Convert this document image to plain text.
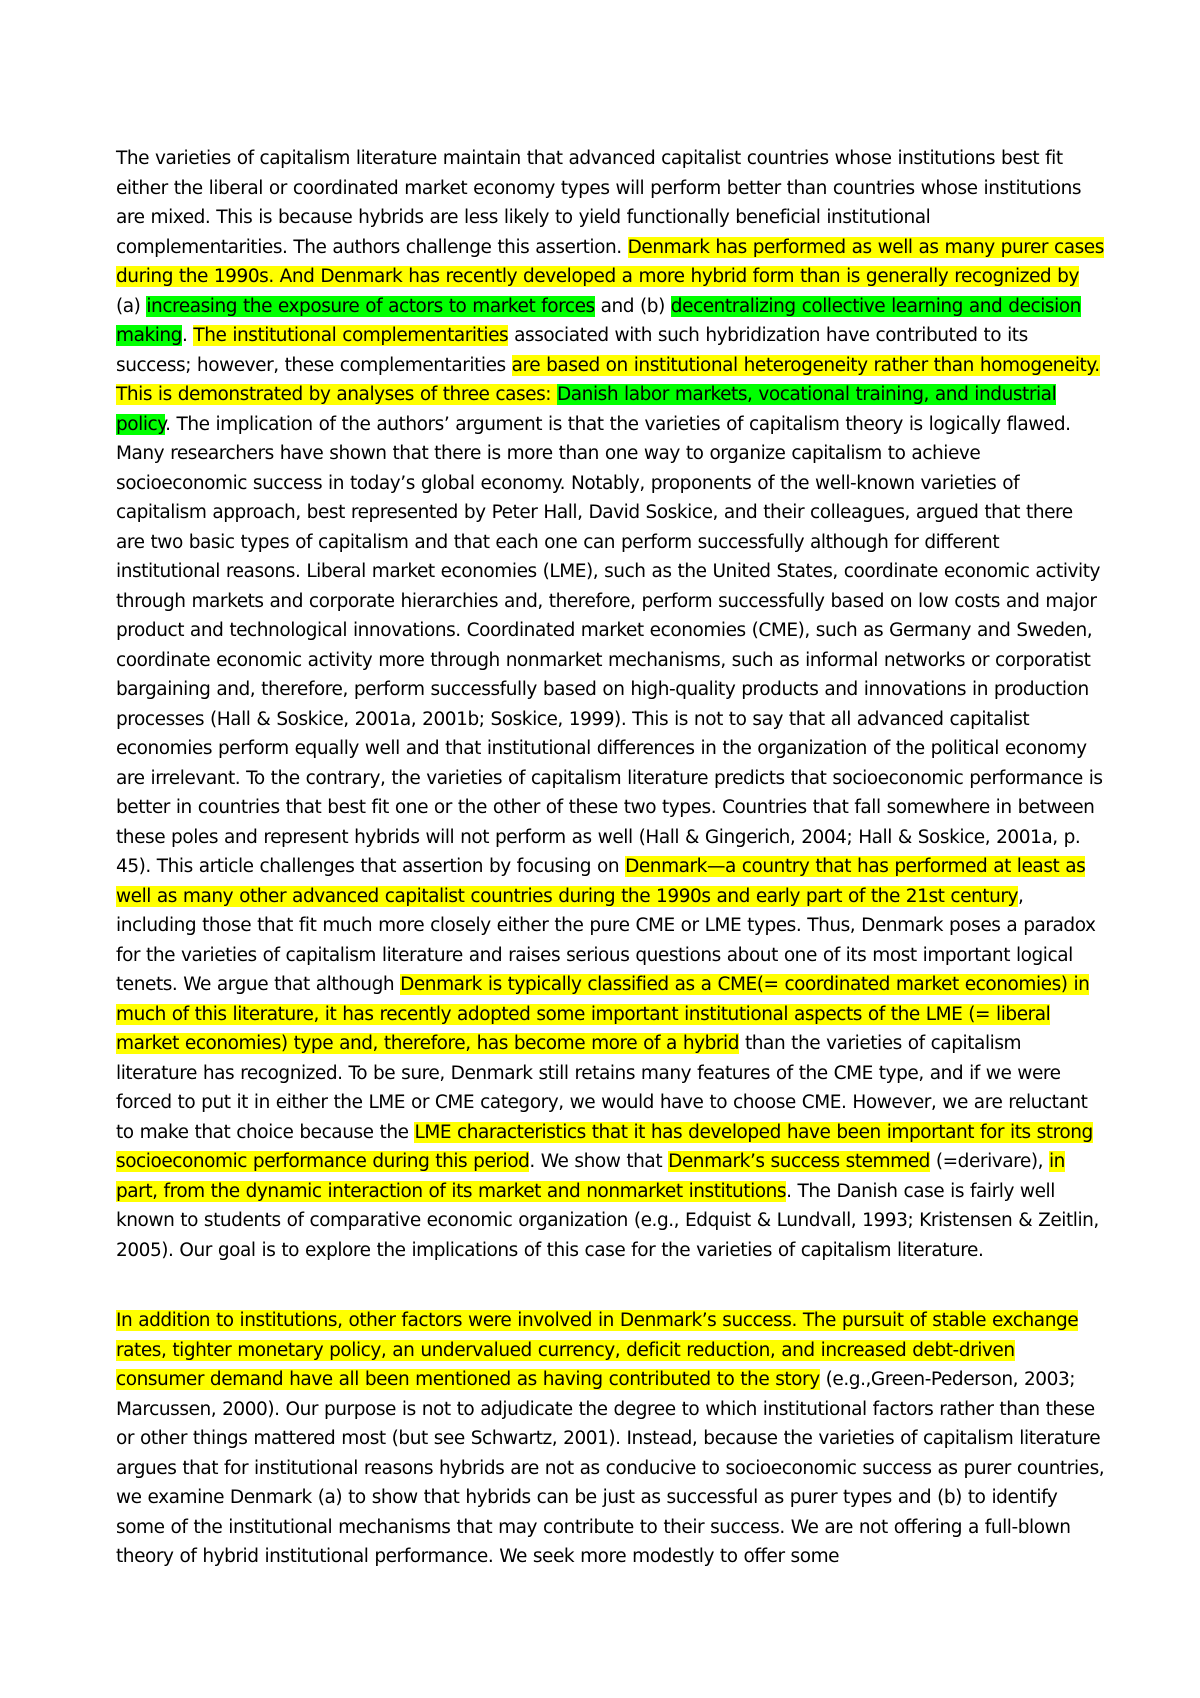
The varieties of capitalism literature maintain that advanced capitalist countries whose institutions best fit either the liberal or coordinated market economy types will perform better than countries whose institutions are mixed. This is because hybrids are less likely to yield functionally beneficial institutional complementarities. The authors challenge this assertion. Denmark has performed as well as many purer cases during the 1990s. And Denmark has recently developed a more hybrid form than is generally recognized by (a) increasing the exposure of actors to market forces and (b) decentralizing collective learning and decision making. The institutional complementarities associated with such hybridization have contributed to its success; however, these complementarities are based on institutional heterogeneity rather than homogeneity. This is demonstrated by analyses of three cases: Danish labor markets, vocational training, and industrial policy. The implication of the authors’ argument is that the varieties of capitalism theory is logically flawed. Many researchers have shown that there is more than one way to organize capitalism to achieve socioeconomic success in today’s global economy. Notably, proponents of the well-known varieties of capitalism approach, best represented by Peter Hall, David Soskice, and their colleagues, argued that there are two basic types of capitalism and that each one can perform successfully although for different institutional reasons. Liberal market economies (LME), such as the United States, coordinate economic activity through markets and corporate hierarchies and, therefore, perform successfully based on low costs and major product and technological innovations. Coordinated market economies (CME), such as Germany and Sweden, coordinate economic activity more through nonmarket mechanisms, such as informal networks or corporatist bargaining and, therefore, perform successfully based on high-quality products and innovations in production processes (Hall & Soskice, 2001a, 2001b; Soskice, 1999). This is not to say that all advanced capitalist economies perform equally well and that institutional differences in the organization of the political economy are irrelevant. To the contrary, the varieties of capitalism literature predicts that socioeconomic performance is better in countries that best fit one or the other of these two types. Countries that fall somewhere in between these poles and represent hybrids will not perform as well (Hall & Gingerich, 2004; Hall & Soskice, 2001a, p. 45). This article challenges that assertion by focusing on Denmark—a country that has performed at least as well as many other advanced capitalist countries during the 1990s and early part of the 21st century, including those that fit much more closely either the pure CME or LME types. Thus, Denmark poses a paradox for the varieties of capitalism literature and raises serious questions about one of its most important logical tenets. We argue that although Denmark is typically classified as a CME(= coordinated market economies) in much of this literature, it has recently adopted some important institutional aspects of the LME (= liberal market economies) type and, therefore, has become more of a hybrid than the varieties of capitalism literature has recognized. To be sure, Denmark still retains many features of the CME type, and if we were forced to put it in either the LME or CME category, we would have to choose CME. However, we are reluctant to make that choice because the LME characteristics that it has developed have been important for its strong socioeconomic performance during this period. We show that Denmark’s success stemmed (=derivare), in part, from the dynamic interaction of its market and nonmarket institutions. The Danish case is fairly well known to students of comparative economic organization (e.g., Edquist & Lundvall, 1993; Kristensen & Zeitlin, 2005). Our goal is to explore the implications of this case for the varieties of capitalism literature.

In addition to institutions, other factors were involved in Denmark’s success. The pursuit of stable exchange rates, tighter monetary policy, an undervalued currency, deficit reduction, and increased debt-driven consumer demand have all been mentioned as having contributed to the story (e.g.,Green-Pederson, 2003; Marcussen, 2000). Our purpose is not to adjudicate the degree to which institutional factors rather than these or other things mattered most (but see Schwartz, 2001). Instead, because the varieties of capitalism literature argues that for institutional reasons hybrids are not as conducive to socioeconomic success as purer countries, we examine Denmark (a) to show that hybrids can be just as successful as purer types and (b) to identify some of the institutional mechanisms that may contribute to their success. We are not offering a full-blown theory of hybrid institutional performance. We seek more modestly to offer some
